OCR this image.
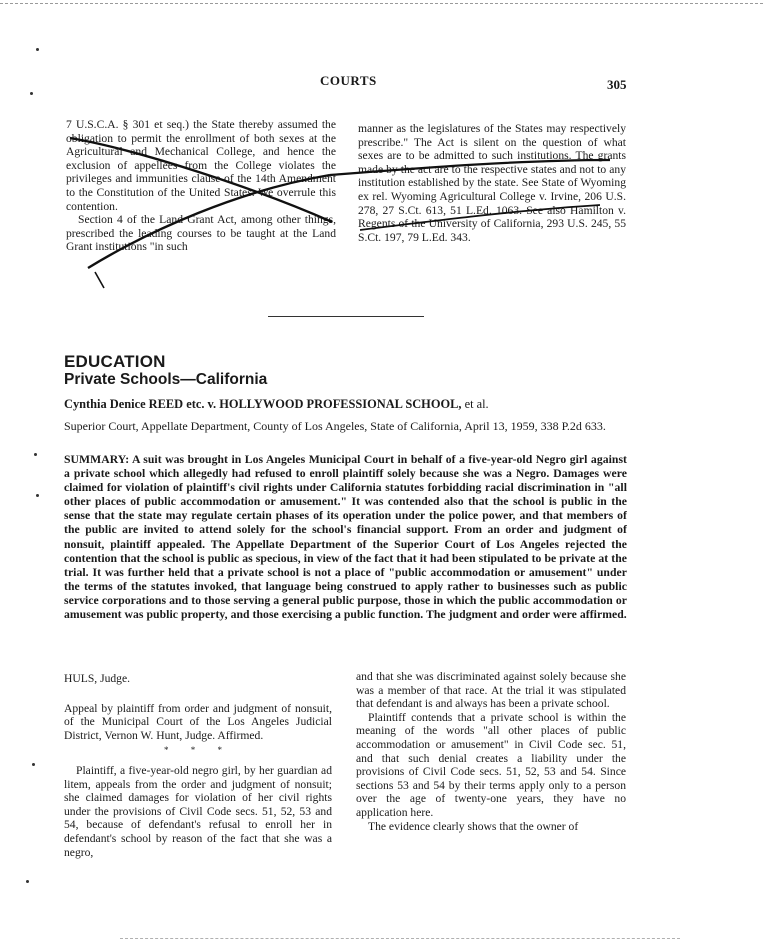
COURTS	305

7 U.S.C.A. § 301 et seq.) the State thereby assumed the obligation to permit the enrollment of both sexes at the Agricultural and Mechanical College, and hence the exclusion of appellees from the College violates the privileges and immunities clause of the 14th Amendment to the Constitution of the United States. We overrule this contention.

Section 4 of the Land Grant Act, among other things, prescribed the leading courses to be taught at the Land Grant institutions "in such

manner as the legislatures of the States may respectively prescribe." The Act is silent on the question of what sexes are to be admitted to such institutions. The grants made by the act are to the respective states and not to any institution established by the state. See State of Wyoming ex rel. Wyoming Agricultural College v. Irvine, 206 U.S. 278, 27 S.Ct. 613, 51 L.Ed. 1063. See also Hamilton v. Regents of the University of California, 293 U.S. 245, 55 S.Ct. 197, 79 L.Ed. 343.

EDUCATION
Private Schools—California
Cynthia Denice REED etc. v. HOLLYWOOD PROFESSIONAL SCHOOL, et al.
Superior Court, Appellate Department, County of Los Angeles, State of California, April 13, 1959, 338 P.2d 633.
SUMMARY: A suit was brought in Los Angeles Municipal Court in behalf of a five-year-old Negro girl against a private school which allegedly had refused to enroll plaintiff solely because she was a Negro. Damages were claimed for violation of plaintiff's civil rights under California statutes forbidding racial discrimination in "all other places of public accommodation or amusement." It was contended also that the school is public in the sense that the state may regulate certain phases of its operation under the police power, and that members of the public are invited to attend solely for the school's financial support. From an order and judgment of nonsuit, plaintiff appealed. The Appellate Department of the Superior Court of Los Angeles rejected the contention that the school is public as specious, in view of the fact that it had been stipulated to be private at the trial. It was further held that a private school is not a place of "public accommodation or amusement" under the terms of the statutes invoked, that language being construed to apply rather to businesses such as public service corporations and to those serving a general public purpose, those in which the public accommodation or amusement was public property, and those exercising a public function. The judgment and order were affirmed.

HULS, Judge.

Appeal by plaintiff from order and judgment of nonsuit, of the Municipal Court of the Los Angeles Judicial District, Vernon W. Hunt, Judge. Affirmed.

* * *

Plaintiff, a five-year-old negro girl, by her guardian ad litem, appeals from the order and judgment of nonsuit; she claimed damages for violation of her civil rights under the provisions of Civil Code secs. 51, 52, 53 and 54, because of defendant's refusal to enroll her in defendant's school by reason of the fact that she was a negro,

and that she was discriminated against solely because she was a member of that race. At the trial it was stipulated that defendant is and always has been a private school.

Plaintiff contends that a private school is within the meaning of the words "all other places of public accommodation or amusement" in Civil Code sec. 51, and that such denial creates a liability under the provisions of Civil Code secs. 51, 52, 53 and 54. Since sections 53 and 54 by their terms apply only to a person over the age of twenty-one years, they have no application here.

The evidence clearly shows that the owner of
